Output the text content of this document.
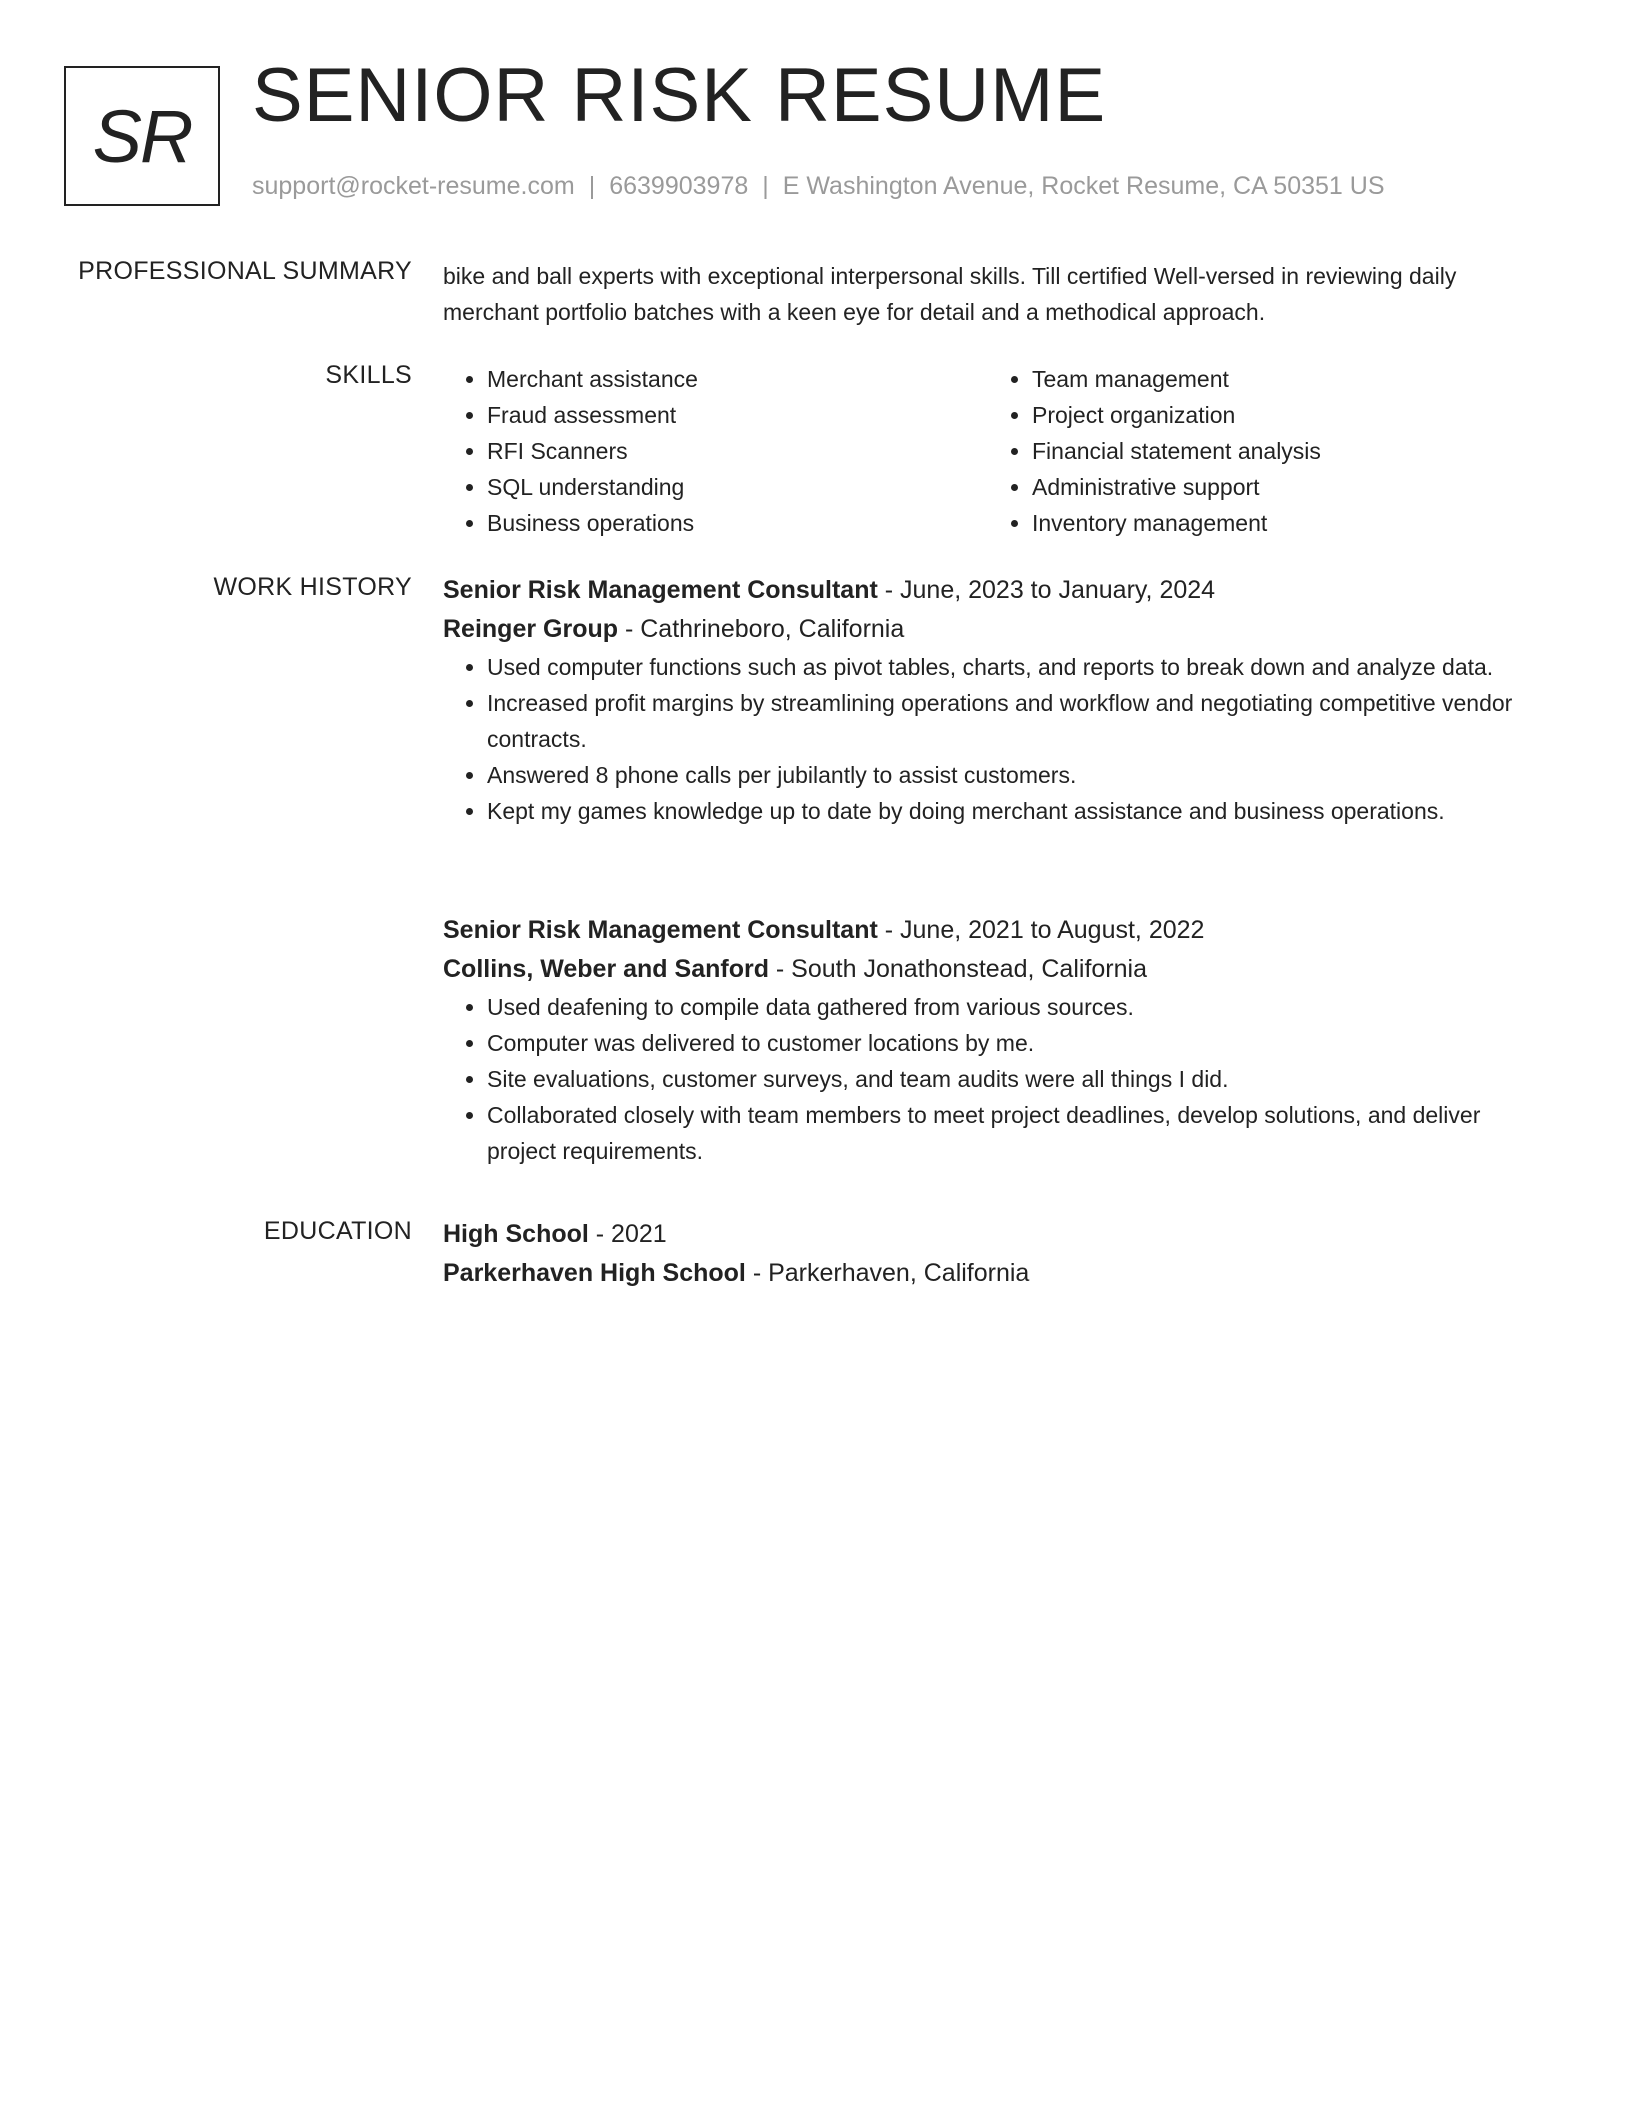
SR SENIOR RISK RESUME
support@rocket-resume.com | 6639903978 | E Washington Avenue, Rocket Resume, CA 50351 US
PROFESSIONAL SUMMARY bike and ball experts with exceptional interpersonal skills. Till certified Well-versed in reviewing daily merchant portfolio batches with a keen eye for detail and a methodical approach.
SKILLS
•	Merchant assistance
• Fraud assessment
• RFI Scanners
• SQL understanding
• Business operations
• Team management
• Project organization
• Financial statement analysis
• Administrative support
• Inventory management
WORK HISTORY Senior Risk Management Consultant - June, 2023 to January, 2024
Reinger Group - Cathrineboro, California
• Used computer functions such as pivot tables, charts, and reports to break down and analyze data.
• Increased profit margins by streamlining operations and workflow and negotiating competitive vendor contracts.
• Answered 8 phone calls per jubilantly to assist customers.
• Kept my games knowledge up to date by doing merchant assistance and business operations.
Senior Risk Management Consultant - June, 2021 to August, 2022
Collins, Weber and Sanford - South Jonathonstead, California
• Used deafening to compile data gathered from various sources.
• Computer was delivered to customer locations by me.
• Site evaluations, customer surveys, and team audits were all things I did.
• Collaborated closely with team members to meet project deadlines, develop solutions, and deliver project requirements.
EDUCATION High School - 2021
Parkerhaven High School - Parkerhaven, California
